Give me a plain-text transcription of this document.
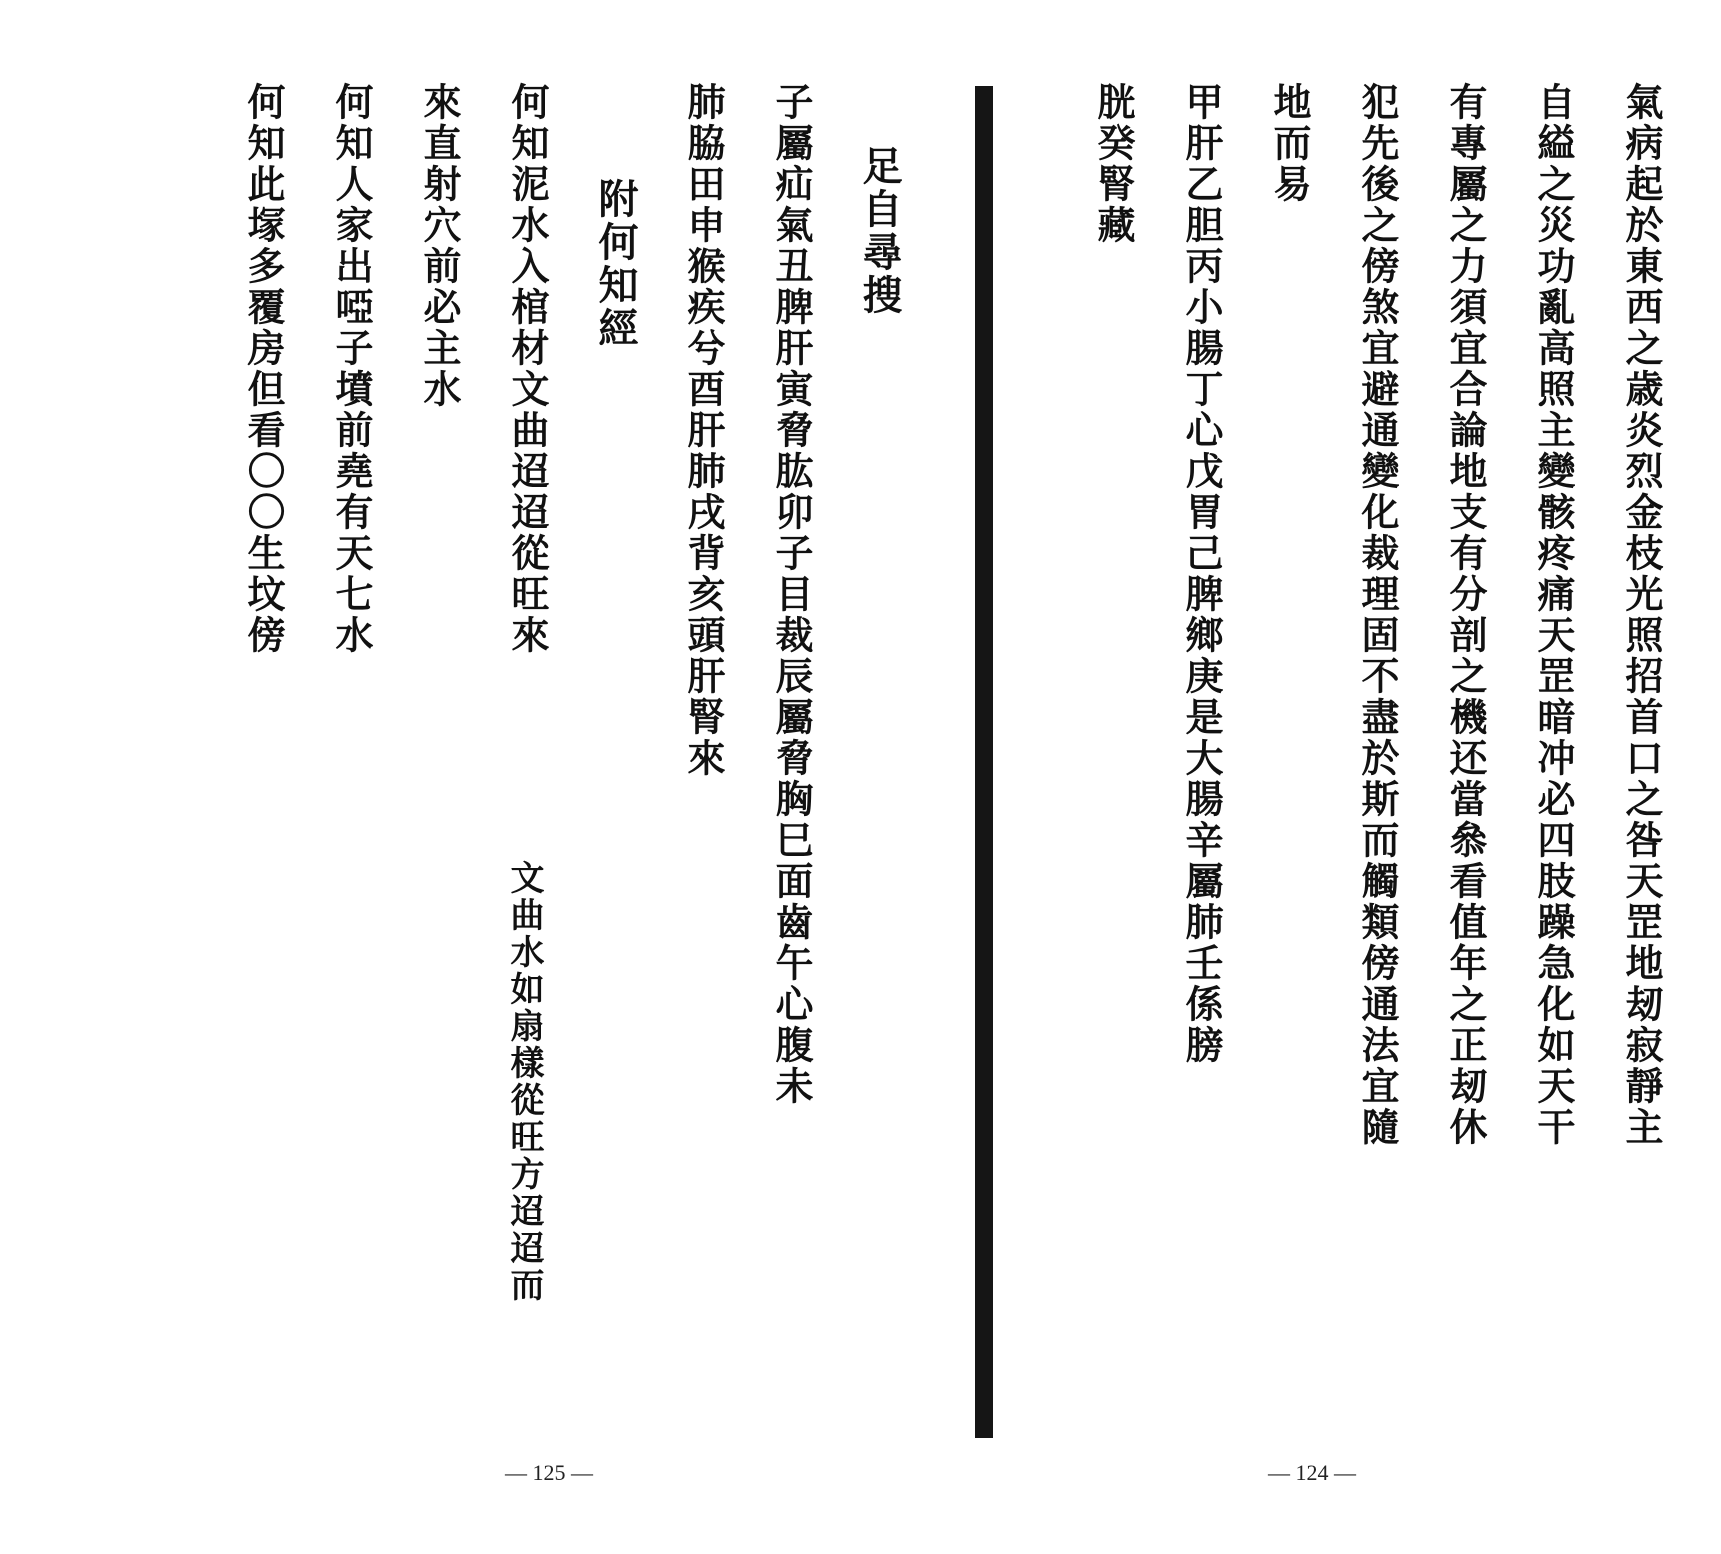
氣病起於東西之歳炎烈金枝光照招首口之咎天罡地刼寂靜主
自縊之災功亂高照主變骸疼痛天罡暗冲必四肢躁急化如天干
有專屬之力須宜合論地支有分剖之機还當叅看值年之正刼休
犯先後之傍煞宜避通變化裁理固不盡於斯而觸類傍通法宜隨
地而易
甲肝乙胆丙小腸丁心戊胃己脾鄉庚是大腸辛屬肺壬係膀
胱癸腎藏
— 124 —
足自尋搜
子屬疝氣丑脾肝寅脅肱卯子目裁辰屬脅胸巳面齒午心腹未
肺脇田申猴疾兮酉肝肺戌背亥頭肝腎來
附何知經
何知泥水入棺材文曲迢迢從旺來
文曲水如扇樣從旺方迢迢而
來直射穴前必主水
何知人家出啞子墳前堯有天七水
何知此塜多覆房但看〇〇生坟傍
— 125 —
